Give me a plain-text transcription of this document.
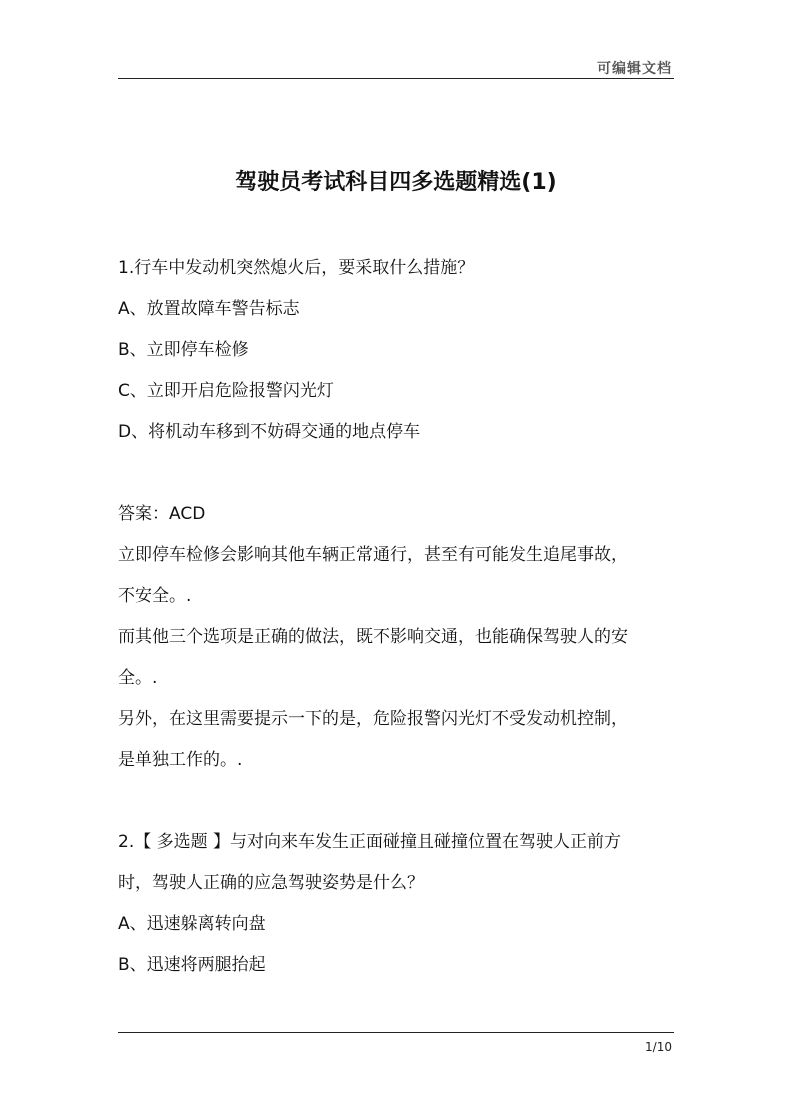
可编辑文档
驾驶员考试科目四多选题精选(1)
1.行车中发动机突然熄火后，要采取什么措施？
A、放置故障车警告标志
B、立即停车检修
C、立即开启危险报警闪光灯
D、将机动车移到不妨碍交通的地点停车
答案：ACD
立即停车检修会影响其他车辆正常通行，甚至有可能发生追尾事故，
不安全。.
而其他三个选项是正确的做法，既不影响交通，也能确保驾驶人的安
全。.
另外，在这里需要提示一下的是，危险报警闪光灯不受发动机控制，
是单独工作的。.
2.【 多选题 】与对向来车发生正面碰撞且碰撞位置在驾驶人正前方
时，驾驶人正确的应急驾驶姿势是什么？
A、迅速躲离转向盘
B、迅速将两腿抬起
1/10
